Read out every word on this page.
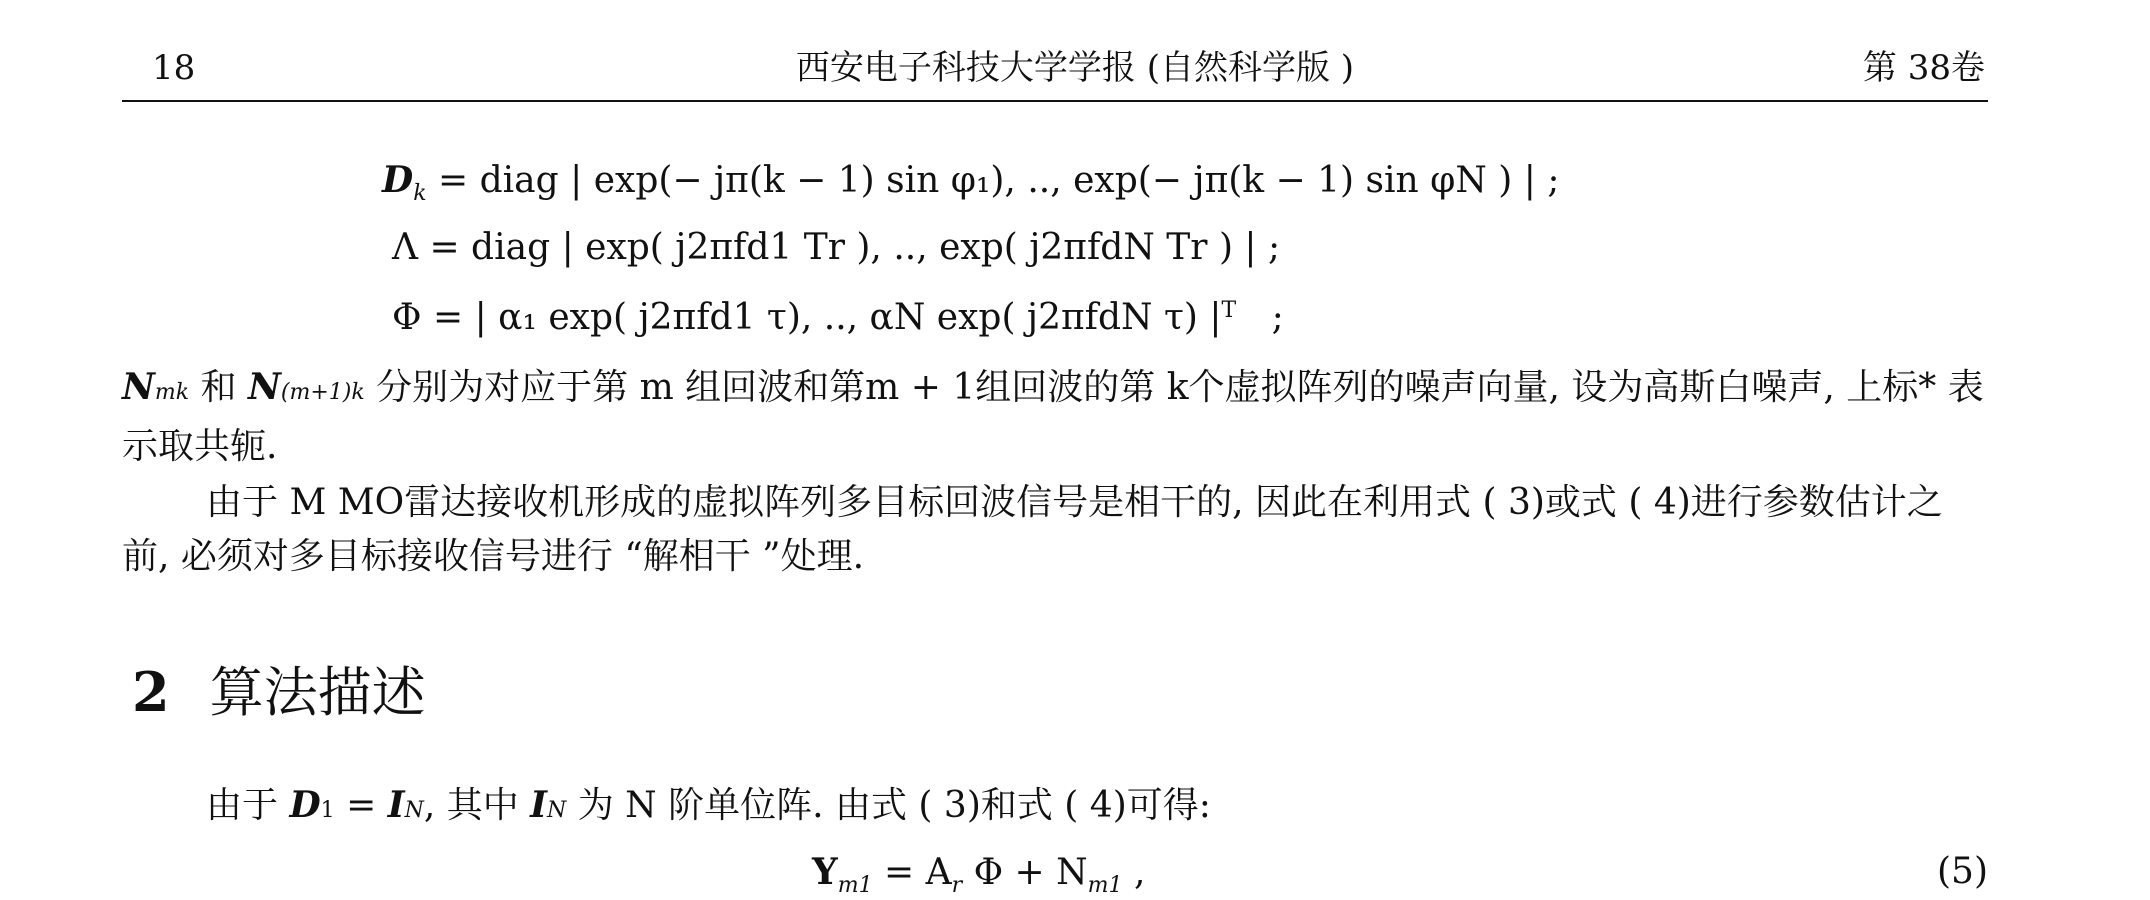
18	西安电子科技大学学报 (自然科学版 )	第 38卷
$D_k$ = diag | exp(− jπ(k − 1) sin φ₁), .., exp(− jπ(k − 1) sin φN ) | ;
Λ = diag | exp( j2πfd1 Tr ), .., exp( j2πfdN Tr ) | ;
Φ = | α₁ exp( j2πfd1 τ), .., αN exp( j2πfdN τ) $|^T$ ;
Nmk 和 N(m+1)k 分别为对应于第 m 组回波和第m + 1组回波的第 k个虚拟阵列的噪声向量, 设为高斯白噪声, 上标* 表示取共轭.
由于 M MO雷达接收机形成的虚拟阵列多目标回波信号是相干的, 因此在利用式 ( 3)或式 ( 4)进行参数估计之前, 必须对多目标接收信号进行 “解相干 ”处理.
2 算法描述
由于 D1 = IN, 其中 IN 为 N 阶单位阵. 由式 ( 3)和式 ( 4)可得:
$Y_{m1} = A_r$ $\Phi + N_{m1}$ ,	(5)
